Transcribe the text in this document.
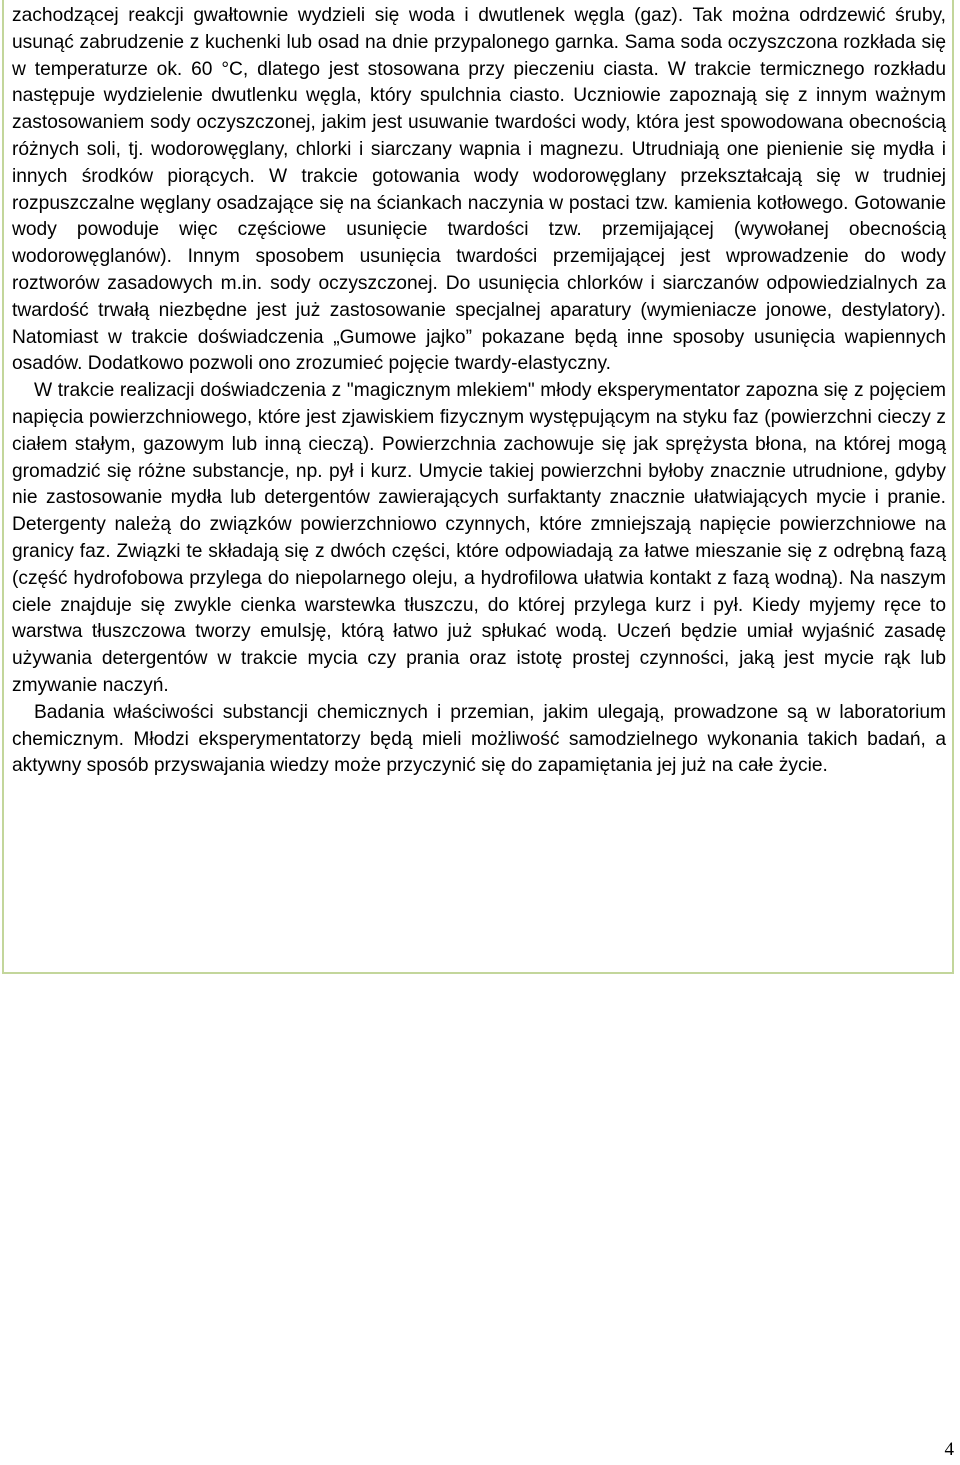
zachodzącej reakcji gwałtownie wydzieli się woda i dwutlenek węgla (gaz). Tak można odrdzewić śruby, usunąć zabrudzenie z kuchenki lub osad na dnie przypalonego garnka. Sama soda oczyszczona rozkłada się w temperaturze ok. 60 °C, dlatego jest stosowana przy pieczeniu ciasta. W trakcie termicznego rozkładu następuje wydzielenie dwutlenku węgla, który spulchnia ciasto. Uczniowie zapoznają się z innym ważnym zastosowaniem sody oczyszczonej, jakim jest usuwanie twardości wody, która jest spowodowana obecnością różnych soli, tj. wodorowęglany, chlorki i siarczany wapnia i magnezu. Utrudniają one pienienie się mydła i innych środków piorących. W trakcie gotowania wody wodorowęglany przekształcają się w trudniej rozpuszczalne węglany osadzające się na ściankach naczynia w postaci tzw. kamienia kotłowego. Gotowanie wody powoduje więc częściowe usunięcie twardości tzw. przemijającej (wywołanej obecnością wodorowęglanów). Innym sposobem usunięcia twardości przemijającej jest wprowadzenie do wody roztworów zasadowych m.in. sody oczyszczonej. Do usunięcia chlorków i siarczanów odpowiedzialnych za twardość trwałą niezbędne jest już zastosowanie specjalnej aparatury (wymieniacze jonowe, destylatory). Natomiast w trakcie doświadczenia „Gumowe jajko” pokazane będą inne sposoby usunięcia wapiennych osadów. Dodatkowo pozwoli ono zrozumieć pojęcie twardy-elastyczny.

W trakcie realizacji doświadczenia z "magicznym mlekiem" młody eksperymentator zapozna się z pojęciem napięcia powierzchniowego, które jest zjawiskiem fizycznym występującym na styku faz (powierzchni cieczy z ciałem stałym, gazowym lub inną cieczą). Powierzchnia zachowuje się jak sprężysta błona, na której mogą gromadzić się różne substancje, np. pył i kurz. Umycie takiej powierzchni byłoby znacznie utrudnione, gdyby nie zastosowanie mydła lub detergentów zawierających surfaktanty znacznie ułatwiających mycie i pranie. Detergenty należą do związków powierzchniowo czynnych, które zmniejszają napięcie powierzchniowe na granicy faz. Związki te składają się z dwóch części, które odpowiadają za łatwe mieszanie się z odrębną fazą (część hydrofobowa przylega do niepolarnego oleju, a hydrofilowa ułatwia kontakt z fazą wodną). Na naszym ciele znajduje się zwykle cienka warstewka tłuszczu, do której przylega kurz i pył. Kiedy myjemy ręce to warstwa tłuszczowa tworzy emulsję, którą łatwo już spłukać wodą. Uczeń będzie umiał wyjaśnić zasadę używania detergentów w trakcie mycia czy prania oraz istotę prostej czynności, jaką jest mycie rąk lub zmywanie naczyń.

Badania właściwości substancji chemicznych i przemian, jakim ulegają, prowadzone są w laboratorium chemicznym. Młodzi eksperymentatorzy będą mieli możliwość samodzielnego wykonania takich badań, a aktywny sposób przyswajania wiedzy może przyczynić się do zapamiętania jej już na całe życie.

4
